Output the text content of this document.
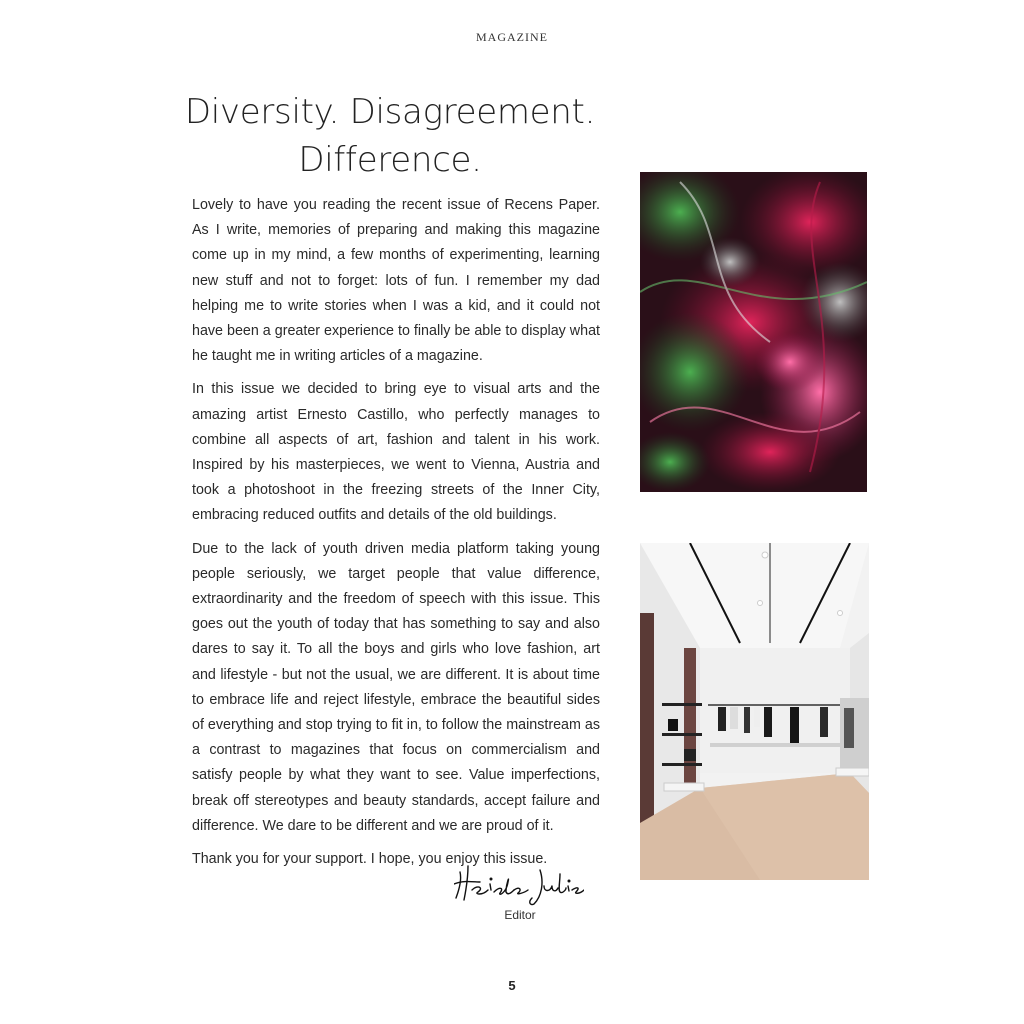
MAGAZINE
Diversity. Disagreement.
Difference.

Lovely to have you reading the recent issue of Recens Paper. As I write, memories of preparing and making this magazine come up in my mind, a few months of experimenting, learning new stuff and not to forget: lots of fun. I remember my dad helping me to write stories when I was a kid, and it could not have been a greater experience to finally be able to display what he taught me in writing articles of a magazine.

In this issue we decided to bring eye to visual arts and the amazing artist Ernesto Castillo, who perfectly manages to combine all aspects of art, fashion and talent in his work. Inspired by his masterpieces, we went to Vienna, Austria and took a photoshoot in the freezing streets of the Inner City, embracing reduced outfits and details of the old buildings.

Due to the lack of youth driven media platform taking young people seriously, we target people that value difference, extraordinarity and the freedom of speech with this issue. This goes out the youth of today that has something to say and also dares to say it. To all the boys and girls who love fashion, art and lifestyle - but not the usual, we are different. It is about time to embrace life and reject lifestyle, embrace the beautiful sides of everything and stop trying to fit in, to follow the mainstream as a contrast to magazines that focus on commercialism and satisfy people by what they want to see. Value imperfections, break off stereotypes and beauty standards, accept failure and difference. We dare to be different and we are proud of it.

Thank you for your support. I hope, you enjoy this issue.

Editor
5
